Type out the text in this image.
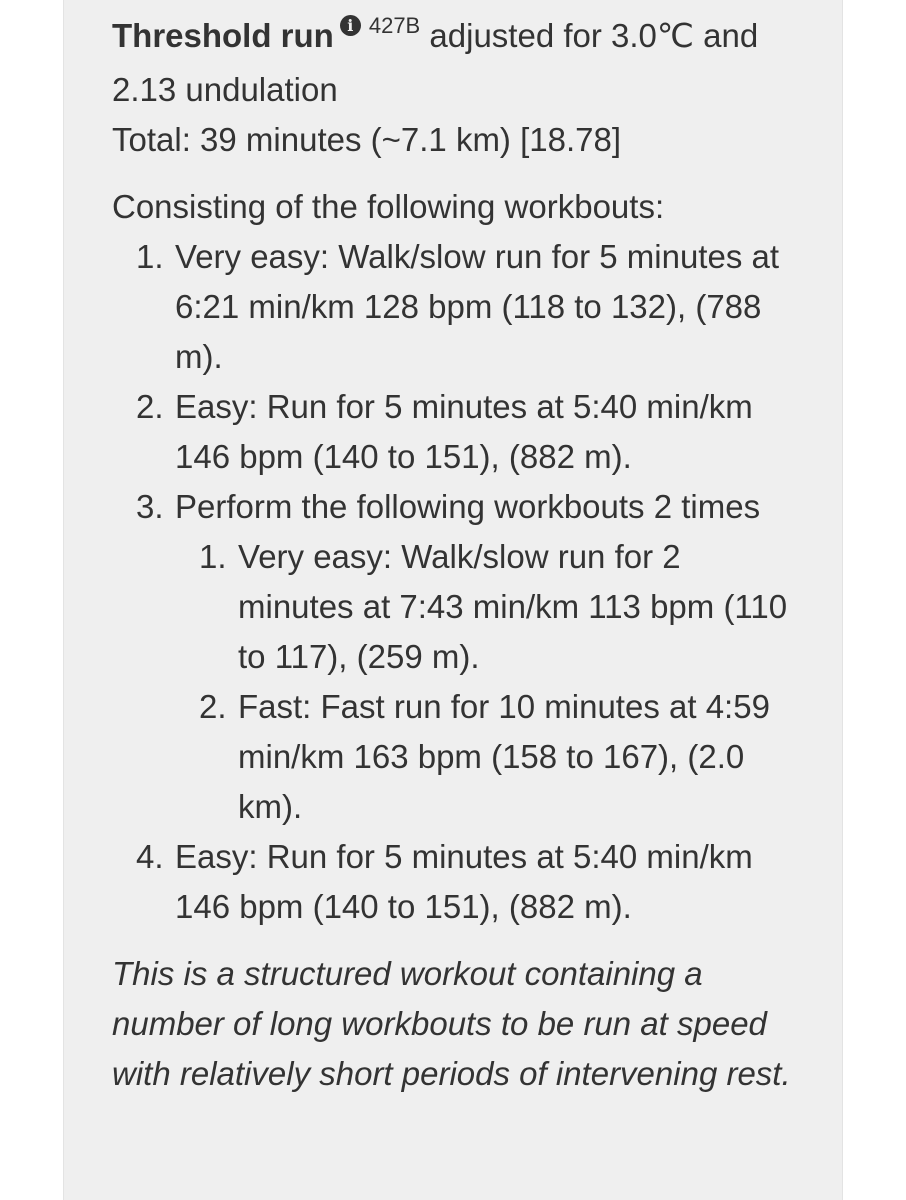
Threshold run i $^{427B}$ adjusted for 3.0℃ and 2.13 undulation

Total: 39 minutes (~7.1 km) [18.78]

Consisting of the following workbouts:

1. Very easy: Walk/slow run for 5 minutes at 6:21 min/km 128 bpm (118 to 132), (788 m).
2. Easy: Run for 5 minutes at 5:40 min/km 146 bpm (140 to 151), (882 m).
3. Perform the following workbouts 2 times
1. Very easy: Walk/slow run for 2 minutes at 7:43 min/km 113 bpm (110 to 117), (259 m).
2. Fast: Fast run for 10 minutes at 4:59 min/km 163 bpm (158 to 167), (2.0 km).
4. Easy: Run for 5 minutes at 5:40 min/km 146 bpm (140 to 151), (882 m).

This is a structured workout containing a number of long workbouts to be run at speed with relatively short periods of intervening rest.
